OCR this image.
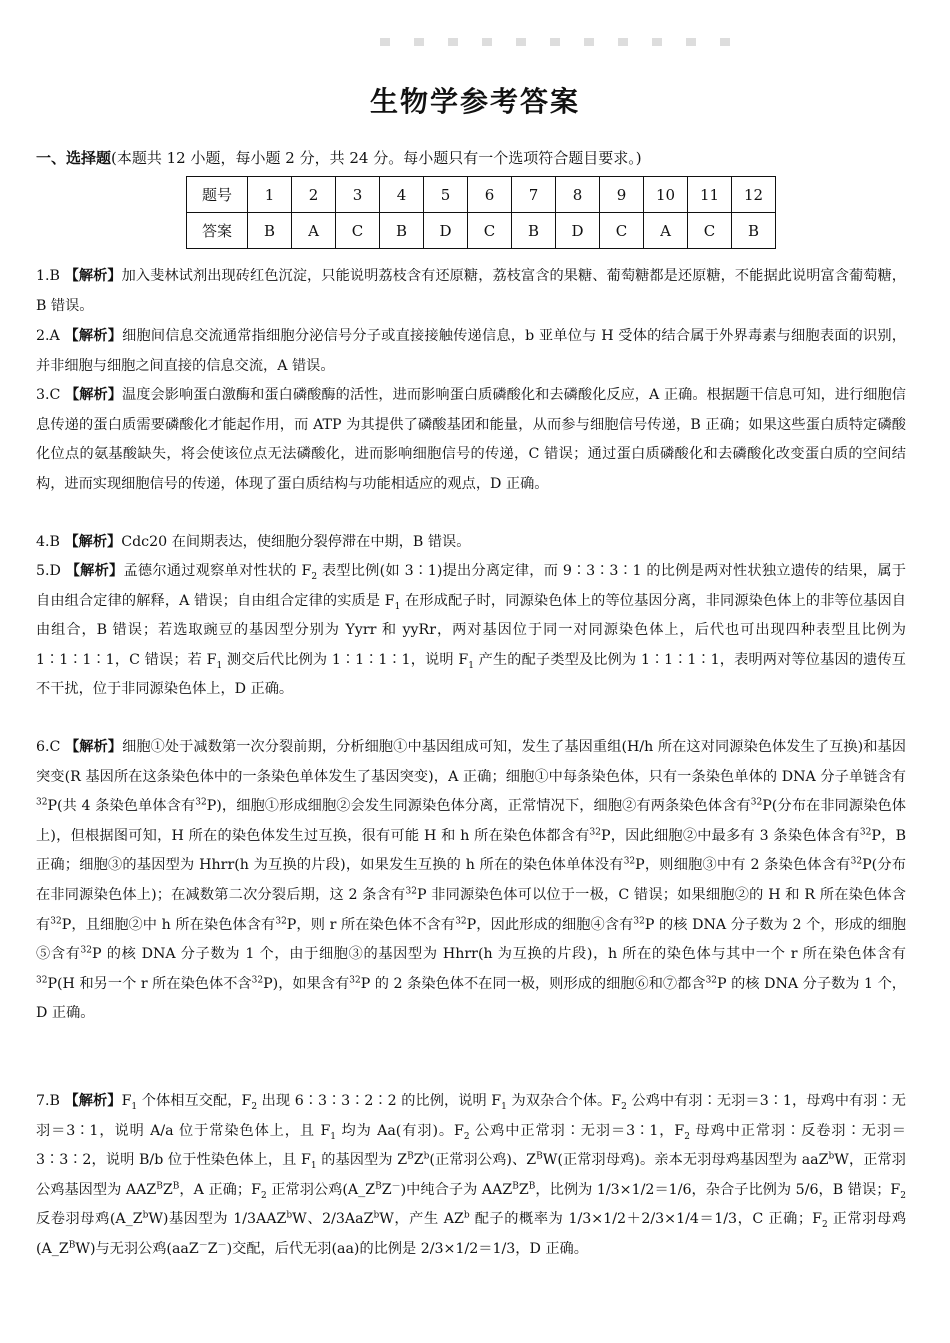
生物学参考答案
一、选择题(本题共 12 小题，每小题 2 分，共 24 分。每小题只有一个选项符合题目要求。)
题号	1	2	3	4	5	6	7	8	9	10	11	12
答案	B	A	C	B	D	C	B	D	C	A	C	B
1.B 【解析】加入斐林试剂出现砖红色沉淀，只能说明荔枝含有还原糖，荔枝富含的果糖、葡萄糖都是还原糖，不能据此说明富含葡萄糖，B 错误。
2.A 【解析】细胞间信息交流通常指细胞分泌信号分子或直接接触传递信息，b 亚单位与 H 受体的结合属于外界毒素与细胞表面的识别，并非细胞与细胞之间直接的信息交流，A 错误。
3.C 【解析】温度会影响蛋白激酶和蛋白磷酸酶的活性，进而影响蛋白质磷酸化和去磷酸化反应，A 正确。根据题干信息可知，进行细胞信息传递的蛋白质需要磷酸化才能起作用，而 ATP 为其提供了磷酸基团和能量，从而参与细胞信号传递，B 正确；如果这些蛋白质特定磷酸化位点的氨基酸缺失，将会使该位点无法磷酸化，进而影响细胞信号的传递，C 错误；通过蛋白质磷酸化和去磷酸化改变蛋白质的空间结构，进而实现细胞信号的传递，体现了蛋白质结构与功能相适应的观点，D 正确。
4.B 【解析】Cdc20 在间期表达，使细胞分裂停滞在中期，B 错误。
5.D 【解析】孟德尔通过观察单对性状的 $F_2$ 表型比例(如 3∶1)提出分离定律，而 9∶3∶3∶1 的比例是两对性状独立遗传的结果，属于自由组合定律的解释，A 错误；自由组合定律的实质是 $F_1$ 在形成配子时，同源染色体上的等位基因分离，非同源染色体上的非等位基因自由组合，B 错误；若选取豌豆的基因型分别为 Yyrr 和 yyRr，两对基因位于同一对同源染色体上，后代也可出现四种表型且比例为 1∶1∶1∶1，C 错误；若 $F_1$ 测交后代比例为 1∶1∶1∶1，说明 $F_1$ 产生的配子类型及比例为 1∶1∶1∶1，表明两对等位基因的遗传互不干扰，位于非同源染色体上，D 正确。
6.C 【解析】细胞①处于减数第一次分裂前期，分析细胞①中基因组成可知，发生了基因重组(H/h 所在这对同源染色体发生了互换)和基因突变(R 基因所在这条染色体中的一条染色单体发生了基因突变)，A 正确；细胞①中每条染色体，只有一条染色单体的 DNA 分子单链含有$^{32}$P(共 4 条染色单体含有$^{32}$P)，细胞①形成细胞②会发生同源染色体分离，正常情况下，细胞②有两条染色体含有$^{32}$P(分布在非同源染色体上)，但根据图可知，H 所在的染色体发生过互换，很有可能 H 和 h 所在染色体都含有$^{32}$P，因此细胞②中最多有 3 条染色体含有$^{32}$P，B 正确；细胞③的基因型为 Hhrr(h 为互换的片段)，如果发生互换的 h 所在的染色体单体没有$^{32}$P，则细胞③中有 2 条染色体含有$^{32}$P(分布在非同源染色体上)；在减数第二次分裂后期，这 2 条含有$^{32}$P 非同源染色体可以位于一极，C 错误；如果细胞②的 H 和 R 所在染色体含有$^{32}$P，且细胞②中 h 所在染色体含有$^{32}$P，则 r 所在染色体不含有$^{32}$P，因此形成的细胞④含有$^{32}$P 的核 DNA 分子数为 2 个，形成的细胞⑤含有$^{32}$P 的核 DNA 分子数为 1 个，由于细胞③的基因型为 Hhrr(h 为互换的片段)，h 所在的染色体与其中一个 r 所在染色体含有$^{32}$P(H 和另一个 r 所在染色体不含$^{32}$P)，如果含有$^{32}$P 的 2 条染色体不在同一极，则形成的细胞⑥和⑦都含$^{32}$P 的核 DNA 分子数为 1 个，D 正确。
7.B 【解析】$F_1$ 个体相互交配，$F_2$ 出现 6∶3∶3∶2∶2 的比例，说明 $F_1$ 为双杂合个体。$F_2$ 公鸡中有羽∶无羽＝3∶1，母鸡中有羽∶无羽＝3∶1，说明 A/a 位于常染色体上，且 $F_1$ 均为 Aa(有羽)。$F_2$ 公鸡中正常羽∶无羽＝3∶1，$F_2$ 母鸡中正常羽∶反卷羽∶无羽＝3∶3∶2，说明 B/b 位于性染色体上，且 $F_1$ 的基因型为 $Z^BZ^b$(正常羽公鸡)、$Z^BW$(正常羽母鸡)。亲本无羽母鸡基因型为 aaZ$^b$W，正常羽公鸡基因型为 $AAZ^BZ^B$，A 正确；$F_2$ 正常羽公鸡$(A\_Z^BZ^-)$中纯合子为 $AAZ^BZ^B$，比例为 1/3×1/2＝1/6，杂合子比例为 5/6，B 错误；$F_2$ 反卷羽母鸡$(A\_Z^bW)$基因型为 1/3AAZ$^b$W、2/3AaZ$^b$W，产生 $AZ^b$ 配子的概率为 1/3×1/2＋2/3×1/4＝1/3，C 正确；$F_2$ 正常羽母鸡$(A\_Z^BW)$与无羽公鸡(aaZ－Z－)交配，后代无羽(aa)的比例是 2/3×1/2＝1/3，D 正确。
